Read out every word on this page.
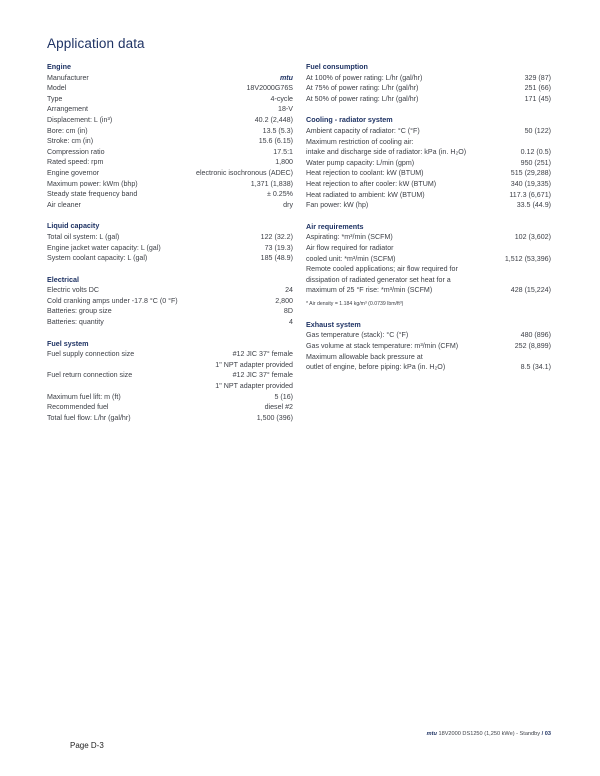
Application data
Engine
Manufacturer	mtu
Model	18V2000G76S
Type	4-cycle
Arrangement	18-V
Displacement: L (in³)	40.2 (2,448)
Bore: cm (in)	13.5 (5.3)
Stroke: cm (in)	15.6 (6.15)
Compression ratio	17.5:1
Rated speed: rpm	1,800
Engine governor	electronic isochronous (ADEC)
Maximum power: kWm (bhp)	1,371 (1,838)
Steady state frequency band	± 0.25%
Air cleaner	dry
Liquid capacity
Total oil system: L (gal)	122 (32.2)
Engine jacket water capacity: L (gal)	73 (19.3)
System coolant capacity: L (gal)	185 (48.9)
Electrical
Electric volts DC	24
Cold cranking amps under -17.8 °C (0 °F)	2,800
Batteries: group size	8D
Batteries: quantity	4
Fuel system
Fuel supply connection size	#12 JIC 37° female
1" NPT adapter provided
Fuel return connection size	#12 JIC 37° female
1" NPT adapter provided
Maximum fuel lift: m (ft)	5 (16)
Recommended fuel	diesel #2
Total fuel flow: L/hr (gal/hr)	1,500 (396)
Fuel consumption
At 100% of power rating: L/hr (gal/hr)	329 (87)
At 75% of power rating: L/hr (gal/hr)	251 (66)
At 50% of power rating: L/hr (gal/hr)	171 (45)
Cooling - radiator system
Ambient capacity of radiator: °C (°F)	50 (122)
Maximum restriction of cooling air:
intake and discharge side of radiator: kPa (in. H₂O)	0.12 (0.5)
Water pump capacity: L/min (gpm)	950 (251)
Heat rejection to coolant: kW (BTUM)	515 (29,288)
Heat rejection to after cooler: kW (BTUM)	340 (19,335)
Heat radiated to ambient: kW (BTUM)	117.3 (6,671)
Fan power: kW (hp)	33.5 (44.9)
Air requirements
Aspirating: *m³/min (SCFM)	102 (3,602)
Air flow required for radiator
cooled unit: *m³/min (SCFM)	1,512 (53,396)
Remote cooled applications; air flow required for
dissipation of radiated generator set heat for a
maximum of 25 °F rise: *m³/min (SCFM)	428 (15,224)
* Air density = 1.184 kg/m³ (0.0739 lbm/ft³)
Exhaust system
Gas temperature (stack): °C (°F)	480 (896)
Gas volume at stack temperature: m³/min (CFM)	252 (8,899)
Maximum allowable back pressure at
outlet of engine, before piping: kPa (in. H₂O)	8.5 (34.1)
mtu 18V2000 DS1250 (1,250 kWe) - Standby / 03
Page D-3
